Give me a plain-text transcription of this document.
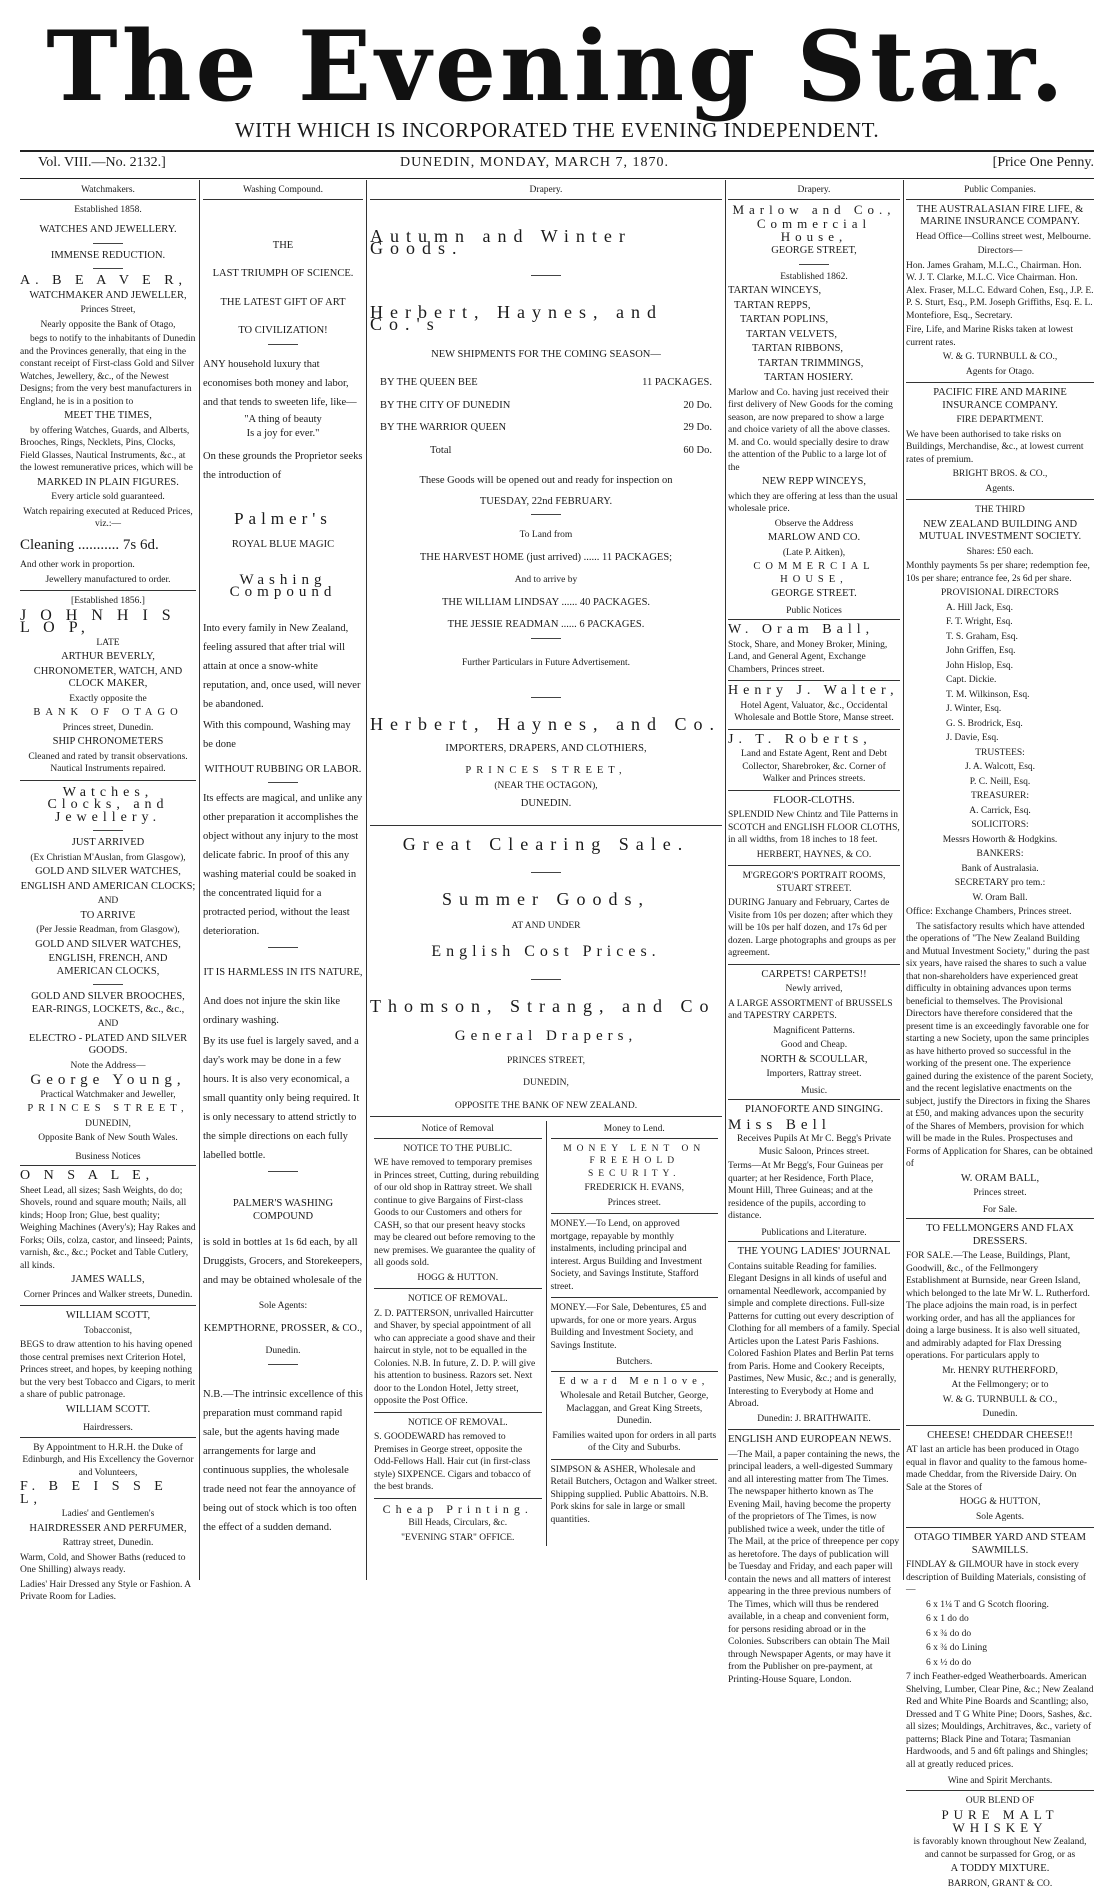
The Evening Star.
WITH WHICH IS INCORPORATED THE EVENING INDEPENDENT.
Vol. VIII.—No. 2132.]	DUNEDIN, MONDAY, MARCH 7, 1870.	[Price One Penny.
Watchmakers.

Established 1858.

WATCHES AND JEWELLERY.

IMMENSE REDUCTION.

A. B E A V E R,

WATCHMAKER AND JEWELLER,

Princes Street,

Nearly opposite the Bank of Otago,

begs to notify to the inhabitants of Dunedin and the Provinces generally, that eing in the constant receipt of First-class Gold and Silver Watches, Jewellery, &c., of the Newest Designs; from the very best manufacturers in England, he is in a position to

MEET THE TIMES,

by offering Watches, Guards, and Alberts, Brooches, Rings, Necklets, Pins, Clocks, Field Glasses, Nautical Instruments, &c., at the lowest remunerative prices, which will be

MARKED IN PLAIN FIGURES.

Every article sold guaranteed.

Watch repairing executed at Reduced Prices, viz.:—

Cleaning ........... 7s 6d.

And other work in proportion.

Jewellery manufactured to order.

[Established 1856.]

J O H N H I S L O P,

LATE

ARTHUR BEVERLY,

CHRONOMETER, WATCH, AND CLOCK MAKER,

Exactly opposite the

BANK OF OTAGO

Princes street, Dunedin.

SHIP CHRONOMETERS

Cleaned and rated by transit observations. Nautical Instruments repaired.

Watches, Clocks, and Jewellery.

JUST ARRIVED

(Ex Christian M'Auslan, from Glasgow),

GOLD AND SILVER WATCHES,

ENGLISH AND AMERICAN CLOCKS;

AND

TO ARRIVE

(Per Jessie Readman, from Glasgow),

GOLD AND SILVER WATCHES,

ENGLISH, FRENCH, AND AMERICAN CLOCKS,

GOLD AND SILVER BROOCHES, EAR-RINGS, LOCKETS, &c., &c.,

AND

ELECTRO - PLATED AND SILVER GOODS.

Note the Address—

George Young,

Practical Watchmaker and Jeweller,

PRINCES STREET,

DUNEDIN,

Opposite Bank of New South Wales.

Business Notices

O N S A L E,

Sheet Lead, all sizes; Sash Weights, do do; Shovels, round and square mouth; Nails, all kinds; Hoop Iron; Glue, best quality; Weighing Machines (Avery's); Hay Rakes and Forks; Oils, colza, castor, and linseed; Paints, varnish, &c., &c.; Pocket and Table Cutlery, all kinds.

JAMES WALLS,

Corner Princes and Walker streets, Dunedin.

WILLIAM SCOTT,

Tobacconist,

BEGS to draw attention to his having opened those central premises next Criterion Hotel, Princes street, and hopes, by keeping nothing but the very best Tobacco and Cigars, to merit a share of public patronage.

WILLIAM SCOTT.

Hairdressers.

By Appointment to H.R.H. the Duke of Edinburgh, and His Excellency the Governor and Volunteers,

F. B E I S S E L,

Ladies' and Gentlemen's

HAIRDRESSER AND PERFUMER,

Rattray street, Dunedin.

Warm, Cold, and Shower Baths (reduced to One Shilling) always ready.

Ladies' Hair Dressed any Style or Fashion. A Private Room for Ladies.

Washing Compound.

THE

LAST TRIUMPH OF SCIENCE.

THE LATEST GIFT OF ART

TO CIVILIZATION!

ANY household luxury that economises both money and labor, and that tends to sweeten life, like—

"A thing of beauty

Is a joy for ever."

On these grounds the Proprietor seeks the introduction of

Palmer's

ROYAL BLUE MAGIC

Washing Compound

Into every family in New Zealand, feeling assured that after trial will attain at once a snow-white reputation, and, once used, will never be abandoned.

With this compound, Washing may be done

WITHOUT RUBBING OR LABOR.

Its effects are magical, and unlike any other preparation it accomplishes the object without any injury to the most delicate fabric. In proof of this any washing material could be soaked in the concentrated liquid for a protracted period, without the least deterioration.

IT IS HARMLESS IN ITS NATURE,

And does not injure the skin like ordinary washing.

By its use fuel is largely saved, and a day's work may be done in a few hours. It is also very economical, a small quantity only being required. It is only necessary to attend strictly to the simple directions on each fully labelled bottle.

PALMER'S WASHING COMPOUND

is sold in bottles at 1s 6d each, by all Druggists, Grocers, and Storekeepers, and may be obtained wholesale of the

Sole Agents:

KEMPTHORNE, PROSSER, & CO.,

Dunedin.

N.B.—The intrinsic excellence of this preparation must command rapid sale, but the agents having made arrangements for large and continuous supplies, the wholesale trade need not fear the annoyance of being out of stock which is too often the effect of a sudden demand.

Drapery.

Autumn and Winter Goods.

Herbert, Haynes, and Co.'s

NEW SHIPMENTS FOR THE COMING SEASON—

BY THE QUEEN BEE	11 PACKAGES.
BY THE CITY OF DUNEDIN	20 Do.
BY THE WARRIOR QUEEN	29 Do.
Total	60 Do.

These Goods will be opened out and ready for inspection on

TUESDAY, 22nd FEBRUARY.

To Land from

THE HARVEST HOME (just arrived) ...... 11 PACKAGES;

And to arrive by

THE WILLIAM LINDSAY ...... 40 PACKAGES.

THE JESSIE READMAN ...... 6 PACKAGES.

Further Particulars in Future Advertisement.

Herbert, Haynes, and Co.

IMPORTERS, DRAPERS, AND CLOTHIERS,

PRINCES STREET,

(NEAR THE OCTAGON),

DUNEDIN.

Great Clearing Sale.

Summer Goods,

AT AND UNDER

English Cost Prices.

Thomson, Strang, and Co

General Drapers,

PRINCES STREET,

DUNEDIN,

OPPOSITE THE BANK OF NEW ZEALAND.

Notice of Removal

NOTICE TO THE PUBLIC.

WE have removed to temporary premises in Princes street, Cutting, during rebuilding of our old shop in Rattray street. We shall continue to give Bargains of First-class Goods to our Customers and others for CASH, so that our present heavy stocks may be cleared out before removing to the new premises. We guarantee the quality of all goods sold.

HOGG & HUTTON.

NOTICE OF REMOVAL.

Z. D. PATTERSON, unrivalled Haircutter and Shaver, by special appointment of all who can appreciate a good shave and their haircut in style, not to be equalled in the Colonies. N.B. In future, Z. D. P. will give his attention to business. Razors set. Next door to the London Hotel, Jetty street, opposite the Post Office.

NOTICE OF REMOVAL.

S. GOODEWARD has removed to Premises in George street, opposite the Odd-Fellows Hall. Hair cut (in first-class style) SIXPENCE. Cigars and tobacco of the best brands.

Cheap Printing.

Bill Heads, Circulars, &c.

"EVENING STAR" OFFICE.

Money to Lend.

MONEY LENT ON FREEHOLD SECURITY.

FREDERICK H. EVANS,

Princes street.

MONEY.—To Lend, on approved mortgage, repayable by monthly instalments, including principal and interest. Argus Building and Investment Society, and Savings Institute, Stafford street.

MONEY.—For Sale, Debentures, £5 and upwards, for one or more years. Argus Building and Investment Society, and Savings Institute.

Butchers.

Edward Menlove,

Wholesale and Retail Butcher, George, Maclaggan, and Great King Streets, Dunedin.

Families waited upon for orders in all parts of the City and Suburbs.

SIMPSON & ASHER, Wholesale and Retail Butchers, Octagon and Walker street. Shipping supplied. Public Abattoirs. N.B. Pork skins for sale in large or small quantities.

Drapery.

Marlow and Co.,

Commercial House,

GEORGE STREET,

Established 1862.

TARTAN WINCEYS,

TARTAN REPPS,

TARTAN POPLINS,

TARTAN VELVETS,

TARTAN RIBBONS,

TARTAN TRIMMINGS,

TARTAN HOSIERY.

Marlow and Co. having just received their first delivery of New Goods for the coming season, are now prepared to show a large and choice variety of all the above classes. M. and Co. would specially desire to draw the attention of the Public to a large lot of the

NEW REPP WINCEYS,

which they are offering at less than the usual wholesale price.

Observe the Address

MARLOW AND CO.

(Late P. Aitken),

COMMERCIAL HOUSE,

GEORGE STREET.

Public Notices

W. Oram Ball,

Stock, Share, and Money Broker, Mining, Land, and General Agent, Exchange Chambers, Princes street.

Henry J. Walter,

Hotel Agent, Valuator, &c., Occidental Wholesale and Bottle Store, Manse street.

J. T. Roberts,

Land and Estate Agent, Rent and Debt Collector, Sharebroker, &c. Corner of Walker and Princes streets.

FLOOR-CLOTHS.

SPLENDID New Chintz and Tile Patterns in SCOTCH and ENGLISH FLOOR CLOTHS, in all widths, from 18 inches to 18 feet.

HERBERT, HAYNES, & CO.

M'GREGOR'S PORTRAIT ROOMS, STUART STREET.

DURING January and February, Cartes de Visite from 10s per dozen; after which they will be 10s per half dozen, and 17s 6d per dozen. Large photographs and groups as per agreement.

CARPETS! CARPETS!!

Newly arrived,

A LARGE ASSORTMENT of BRUSSELS and TAPESTRY CARPETS.

Magnificent Patterns.

Good and Cheap.

NORTH & SCOULLAR,

Importers, Rattray street.

Music.

PIANOFORTE AND SINGING.

Miss Bell

Receives Pupils At Mr C. Begg's Private Music Saloon, Princes street.

Terms—At Mr Begg's, Four Guineas per quarter; at her Residence, Forth Place, Mount Hill, Three Guineas; and at the residence of the pupils, according to distance.

Publications and Literature.

THE YOUNG LADIES' JOURNAL

Contains suitable Reading for families. Elegant Designs in all kinds of useful and ornamental Needlework, accompanied by simple and complete directions. Full-size Patterns for cutting out every description of Clothing for all members of a family. Special Articles upon the Latest Paris Fashions. Colored Fashion Plates and Berlin Pat terns from Paris. Home and Cookery Receipts, Pastimes, New Music, &c.; and is generally, Interesting to Everybody at Home and Abroad.

Dunedin: J. BRAITHWAITE.

ENGLISH AND EUROPEAN NEWS.

—The Mail, a paper containing the news, the principal leaders, a well-digested Summary and all interesting matter from The Times. The newspaper hitherto known as The Evening Mail, having become the property of the proprietors of The Times, is now published twice a week, under the title of The Mail, at the price of threepence per copy as heretofore. The days of publication will be Tuesday and Friday, and each paper will contain the news and all matters of interest appearing in the three previous numbers of The Times, which will thus be rendered available, in a cheap and convenient form, for persons residing abroad or in the Colonies. Subscribers can obtain The Mail through Newspaper Agents, or may have it from the Publisher on pre-payment, at Printing-House Square, London.

Public Companies.

THE AUSTRALASIAN FIRE LIFE, & MARINE INSURANCE COMPANY.

Head Office—Collins street west, Melbourne.

Directors—

Hon. James Graham, M.L.C., Chairman. Hon. W. J. T. Clarke, M.L.C. Vice Chairman. Hon. Alex. Fraser, M.L.C. Edward Cohen, Esq., J.P. E. P. S. Sturt, Esq., P.M. Joseph Griffiths, Esq. E. L. Montefiore, Esq., Secretary.

Fire, Life, and Marine Risks taken at lowest current rates.

W. & G. TURNBULL & CO.,

Agents for Otago.

PACIFIC FIRE AND MARINE INSURANCE COMPANY.

FIRE DEPARTMENT.

We have been authorised to take risks on Buildings, Merchandise, &c., at lowest current rates of premium.

BRIGHT BROS. & CO.,

Agents.

THE THIRD

NEW ZEALAND BUILDING AND MUTUAL INVESTMENT SOCIETY.

Shares: £50 each.

Monthly payments 5s per share; redemption fee, 10s per share; entrance fee, 2s 6d per share.

PROVISIONAL DIRECTORS

A. Hill Jack, Esq.

F. T. Wright, Esq.

T. S. Graham, Esq.

John Griffen, Esq.

John Hislop, Esq.

Capt. Dickie.

T. M. Wilkinson, Esq.

J. Winter, Esq.

G. S. Brodrick, Esq.

J. Davie, Esq.

TRUSTEES:

J. A. Walcott, Esq.

P. C. Neill, Esq.

TREASURER:

A. Carrick, Esq.

SOLICITORS:

Messrs Howorth & Hodgkins.

BANKERS:

Bank of Australasia.

SECRETARY pro tem.:

W. Oram Ball.

Office: Exchange Chambers, Princes street.

The satisfactory results which have attended the operations of "The New Zealand Building and Mutual Investment Society," during the past six years, have raised the shares to such a value that non-shareholders have experienced great difficulty in obtaining advances upon terms beneficial to themselves. The Provisional Directors have therefore considered that the present time is an exceedingly favorable one for starting a new Society, upon the same principles as have hitherto proved so successful in the working of the present one. The experience gained during the existence of the parent Society, and the recent legislative enactments on the subject, justify the Directors in fixing the Shares at £50, and making advances upon the security of the Shares of Members, provision for which will be made in the Rules. Prospectuses and Forms of Application for Shares, can be obtained of

W. ORAM BALL,

Princes street.

For Sale.

TO FELLMONGERS AND FLAX DRESSERS.

FOR SALE.—The Lease, Buildings, Plant, Goodwill, &c., of the Fellmongery Establishment at Burnside, near Green Island, which belonged to the late Mr W. L. Rutherford. The place adjoins the main road, is in perfect working order, and has all the appliances for doing a large business. It is also well situated, and admirably adapted for Flax Dressing operations. For particulars apply to

Mr. HENRY RUTHERFORD,

At the Fellmongery; or to

W. & G. TURNBULL & CO.,

Dunedin.

CHEESE! CHEDDAR CHEESE!!

AT last an article has been produced in Otago equal in flavor and quality to the famous home-made Cheddar, from the Riverside Dairy. On Sale at the Stores of

HOGG & HUTTON,

Sole Agents.

OTAGO TIMBER YARD AND STEAM SAWMILLS.

FINDLAY & GILMOUR have in stock every description of Building Materials, consisting of—

6 x 1¼ T and G Scotch flooring.

6 x 1 do do

6 x ¾ do do

6 x ¾ do Lining

6 x ½ do do

7 inch Feather-edged Weatherboards. American Shelving, Lumber, Clear Pine, &c.; New Zealand Red and White Pine Boards and Scantling; also, Dressed and T G White Pine; Doors, Sashes, &c. all sizes; Mouldings, Architraves, &c., variety of patterns; Black Pine and Totara; Tasmanian Hardwoods, and 5 and 6ft palings and Shingles; all at greatly reduced prices.

Wine and Spirit Merchants.

OUR BLEND OF

PURE MALT WHISKEY

is favorably known throughout New Zealand, and cannot be surpassed for Grog, or as

A TODDY MIXTURE.

BARRON, GRANT & CO.
